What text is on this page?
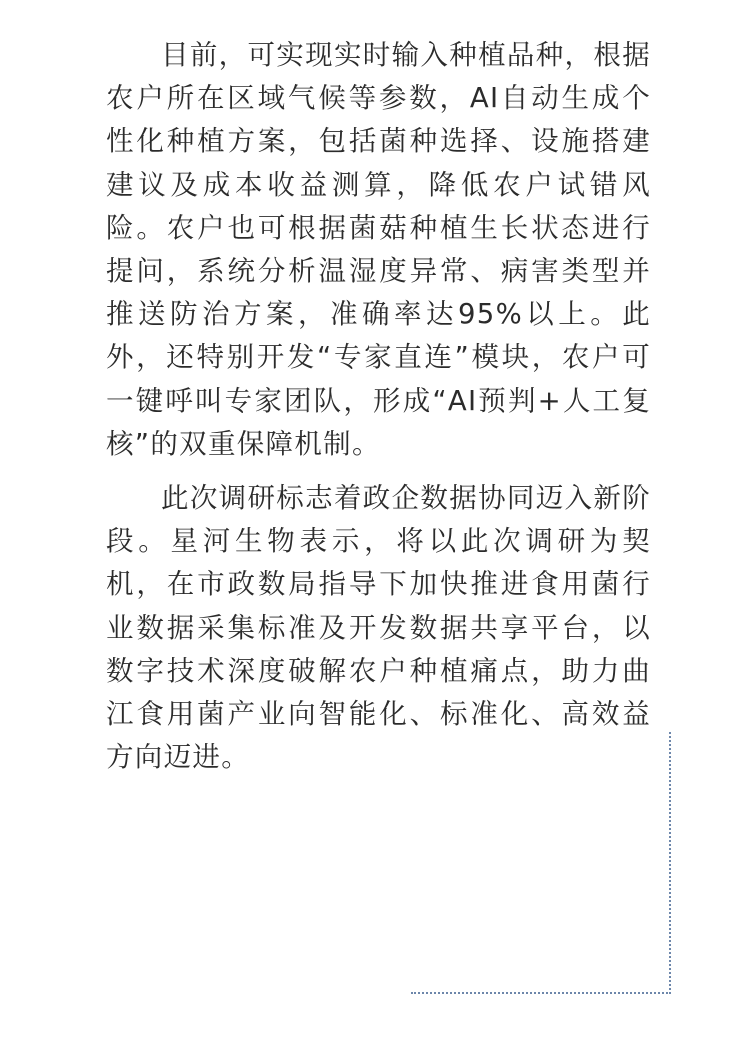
目前，可实现实时输入种植品种，根据农户所在区域气候等参数，AI自动生成个性化种植方案，包括菌种选择、设施搭建建议及成本收益测算，降低农户试错风险。农户也可根据菌菇种植生长状态进行提问，系统分析温湿度异常、病害类型并推送防治方案，准确率达95%以上。此外，还特别开发“专家直连”模块，农户可一键呼叫专家团队，形成“AI预判+人工复核”的双重保障机制。

此次调研标志着政企数据协同迈入新阶段。星河生物表示，将以此次调研为契机，在市政数局指导下加快推进食用菌行业数据采集标准及开发数据共享平台，以数字技术深度破解农户种植痛点，助力曲江食用菌产业向智能化、标准化、高效益方向迈进。
